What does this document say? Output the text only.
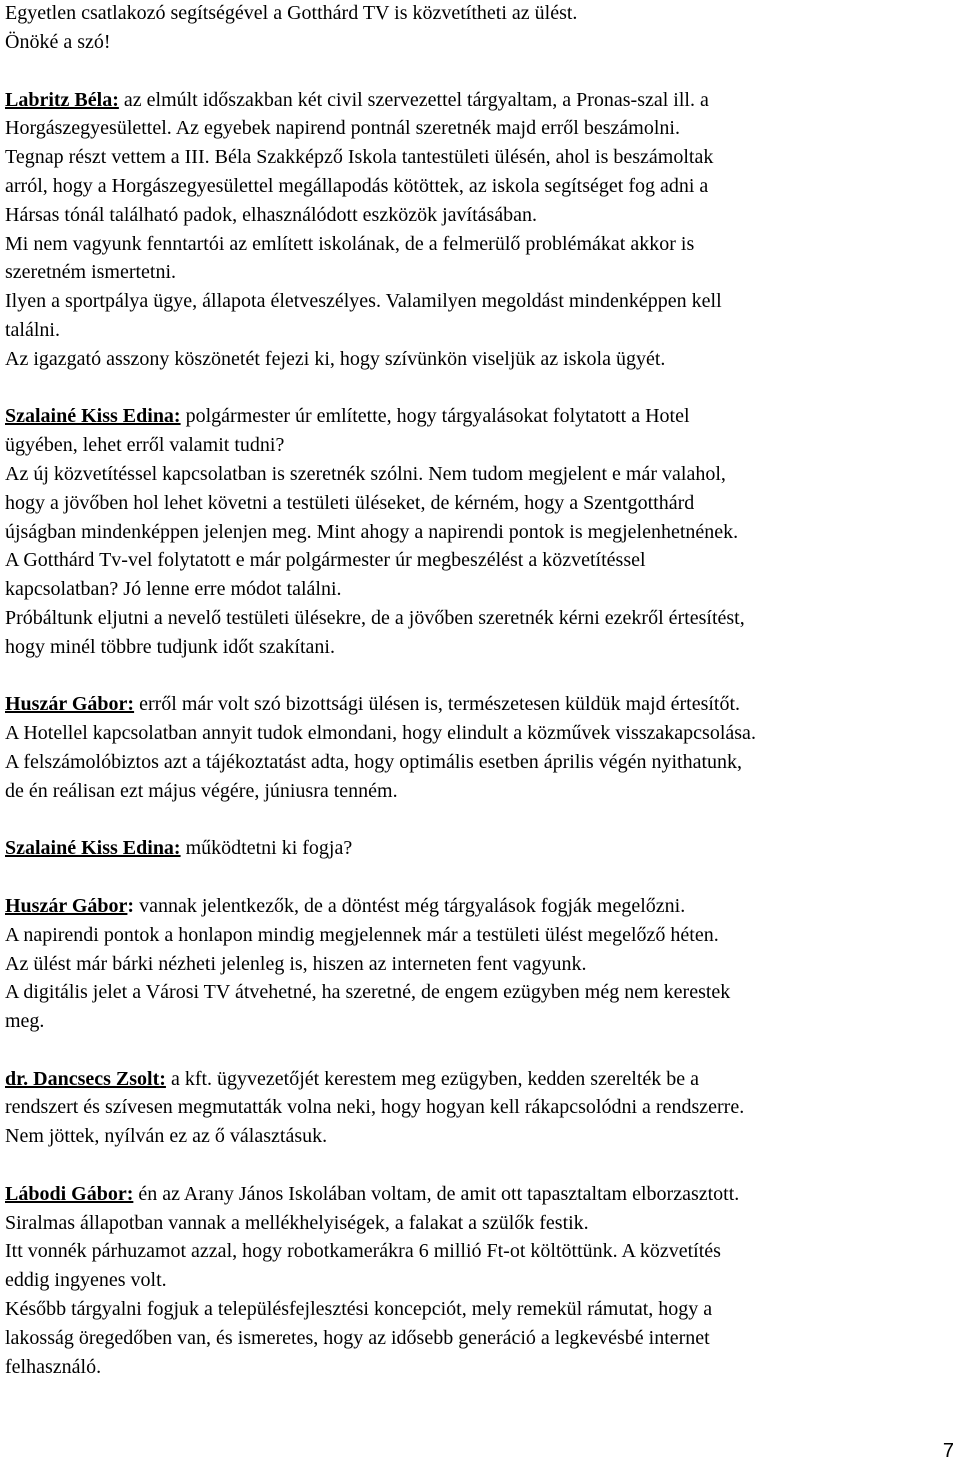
Egyetlen csatlakozó segítségével a Gotthárd TV is közvetítheti az ülést.
Önöké a szó!
Labritz Béla: az elmúlt időszakban két civil szervezettel tárgyaltam, a Pronas-szal ill. a
Horgászegyesülettel. Az egyebek napirend pontnál szeretnék majd erről beszámolni.
Tegnap részt vettem a III. Béla Szakképző Iskola tantestületi ülésén, ahol is beszámoltak
arról, hogy a Horgászegyesülettel megállapodás kötöttek, az iskola segítséget fog adni a
Hársas tónál található padok, elhasználódott eszközök javításában.
Mi nem vagyunk fenntartói az említett iskolának, de a felmerülő problémákat akkor is
szeretném ismertetni.
Ilyen a sportpálya ügye, állapota életveszélyes. Valamilyen megoldást mindenképpen kell
találni.
Az igazgató asszony köszönetét fejezi ki, hogy szívünkön viseljük az iskola ügyét.
Szalainé Kiss Edina: polgármester úr említette, hogy tárgyalásokat folytatott a Hotel
ügyében, lehet erről valamit tudni?
Az új közvetítéssel kapcsolatban is szeretnék szólni. Nem tudom megjelent e már valahol,
hogy a jövőben hol lehet követni a testületi üléseket, de kérném, hogy a Szentgotthárd
újságban mindenképpen jelenjen meg. Mint ahogy a napirendi pontok is megjelenhetnének.
A Gotthárd Tv-vel folytatott e már polgármester úr megbeszélést a közvetítéssel
kapcsolatban? Jó lenne erre módot találni.
Próbáltunk eljutni a nevelő testületi ülésekre, de a jövőben szeretnék kérni ezekről értesítést,
hogy minél többre tudjunk időt szakítani.
Huszár Gábor: erről már volt szó bizottsági ülésen is, természetesen küldük majd értesítőt.
A Hotellel kapcsolatban annyit tudok elmondani, hogy elindult a közművek visszakapcsolása.
A felszámolóbiztos azt a tájékoztatást adta, hogy optimális esetben április végén nyithatunk,
de én reálisan ezt május végére, júniusra tenném.
Szalainé Kiss Edina: működtetni ki fogja?
Huszár Gábor: vannak jelentkezők, de a döntést még tárgyalások fogják megelőzni.
A napirendi pontok a honlapon mindig megjelennek már a testületi ülést megelőző héten.
Az ülést már bárki nézheti jelenleg is, hiszen az interneten fent vagyunk.
A digitális jelet a Városi TV átvehetné, ha szeretné, de engem ezügyben még nem kerestek
meg.
dr. Dancsecs Zsolt: a kft. ügyvezetőjét kerestem meg ezügyben, kedden szerelték be a
rendszert és szívesen megmutatták volna neki, hogy hogyan kell rákapcsolódni a rendszerre.
Nem jöttek, nyílván ez az ő választásuk.
Lábodi Gábor: én az Arany János Iskolában voltam, de amit ott tapasztaltam elborzasztott.
Siralmas állapotban vannak a mellékhelyiségek, a falakat a szülők festik.
Itt vonnék párhuzamot azzal, hogy robotkamerákra 6 millió Ft-ot költöttünk. A közvetítés
eddig ingyenes volt.
Később tárgyalni fogjuk a településfejlesztési koncepciót, mely remekül rámutat, hogy a
lakosság öregedőben van, és ismeretes, hogy az idősebb generáció a legkevésbé internet
felhasználó.
7
